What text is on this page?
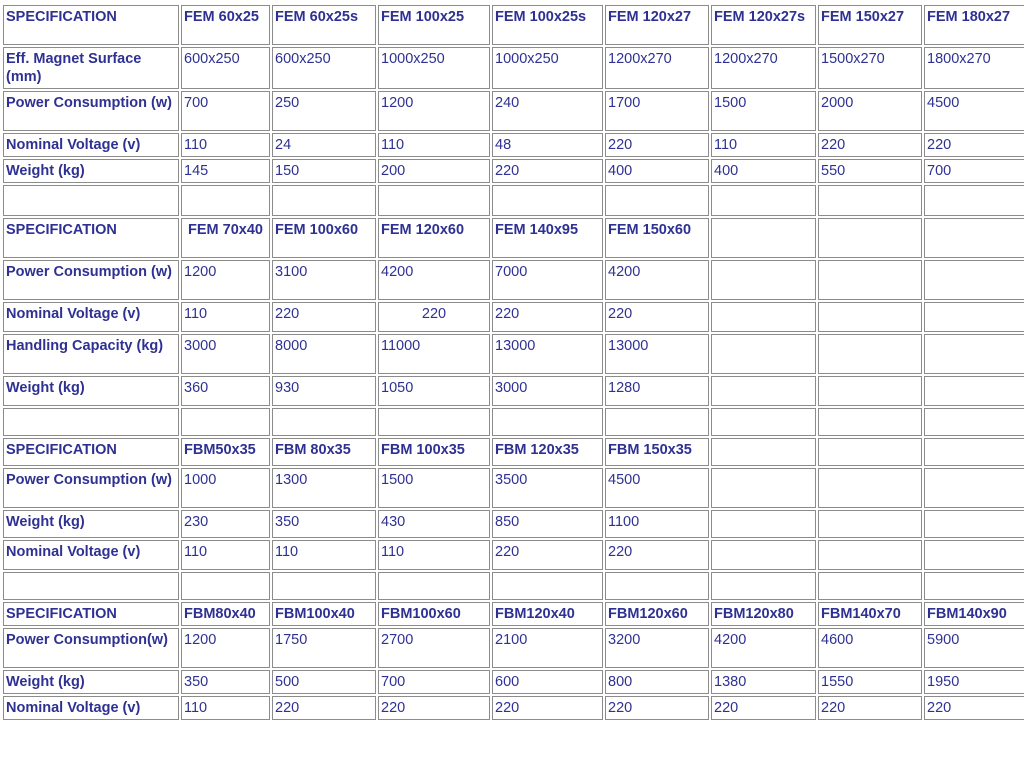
SPECIFICATION	FEM 60x25	FEM 60x25s	FEM 100x25	FEM 100x25s	FEM 120x27	FEM 120x27s	FEM 150x27	FEM 180x27
Eff. Magnet Surface (mm)	600x250	600x250	1000x250	1000x250	1200x270	1200x270	1500x270	1800x270
Power Consumption (w)	700	250	1200	240	1700	1500	2000	4500
Nominal Voltage (v)	110	24	110	48	220	110	220	220
Weight (kg)	145	150	200	220	400	400	550	700

SPECIFICATION	FEM 70x40	FEM 100x60	FEM 120x60	FEM 140x95	FEM 150x60			
Power Consumption (w)	1200	3100	4200	7000	4200			
Nominal Voltage (v)	110	220	220	220	220			
Handling Capacity (kg)	3000	8000	11000	13000	13000			
Weight (kg)	360	930	1050	3000	1280			

SPECIFICATION	FBM50x35	FBM 80x35	FBM 100x35	FBM 120x35	FBM 150x35			
Power Consumption (w)	1000	1300	1500	3500	4500			
Weight (kg)	230	350	430	850	1100			
Nominal Voltage (v)	110	110	110	220	220			

SPECIFICATION	FBM80x40	FBM100x40	FBM100x60	FBM120x40	FBM120x60	FBM120x80	FBM140x70	FBM140x90
Power Consumption(w)	1200	1750	2700	2100	3200	4200	4600	5900
Weight (kg)	350	500	700	600	800	1380	1550	1950
Nominal Voltage (v)	110	220	220	220	220	220	220	220
